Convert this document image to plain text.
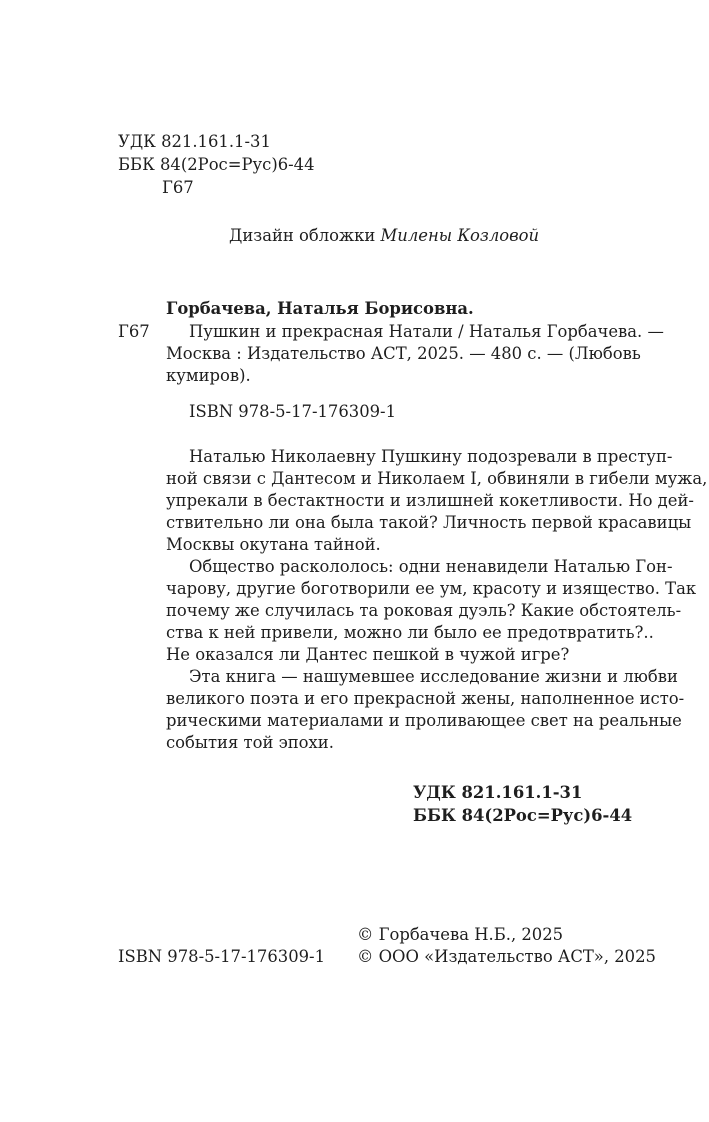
УДК 821.161.1-31
ББК 84(2Рос=Рус)6-44
Г67
Дизайн обложки Милены Козловой
Горбачева, Наталья Борисовна.
Г67 Пушкин и прекрасная Натали / Наталья Горбачева. —
Москва : Издательство АСТ, 2025. — 480 с. — (Любовь
кумиров).
ISBN 978-5-17-176309-1
Наталью Николаевну Пушкину подозревали в преступ-
ной связи с Дантесом и Николаем I, обвиняли в гибели мужа,
упрекали в бестактности и излишней кокетливости. Но дей-
ствительно ли она была такой? Личность первой красавицы
Москвы окутана тайной.
Общество раскололось: одни ненавидели Наталью Гон-
чарову, другие боготворили ее ум, красоту и изящество. Так
почему же случилась та роковая дуэль? Какие обстоятель-
ства к ней привели, можно ли было ее предотвратить?..
Не оказался ли Дантес пешкой в чужой игре?
Эта книга — нашумевшее исследование жизни и любви
великого поэта и его прекрасной жены, наполненное исто-
рическими материалами и проливающее свет на реальные
события той эпохи.
УДК 821.161.1-31
ББК 84(2Рос=Рус)6-44
ISBN 978-5-17-176309-1
© Горбачева Н.Б., 2025
© ООО «Издательство АСТ», 2025
